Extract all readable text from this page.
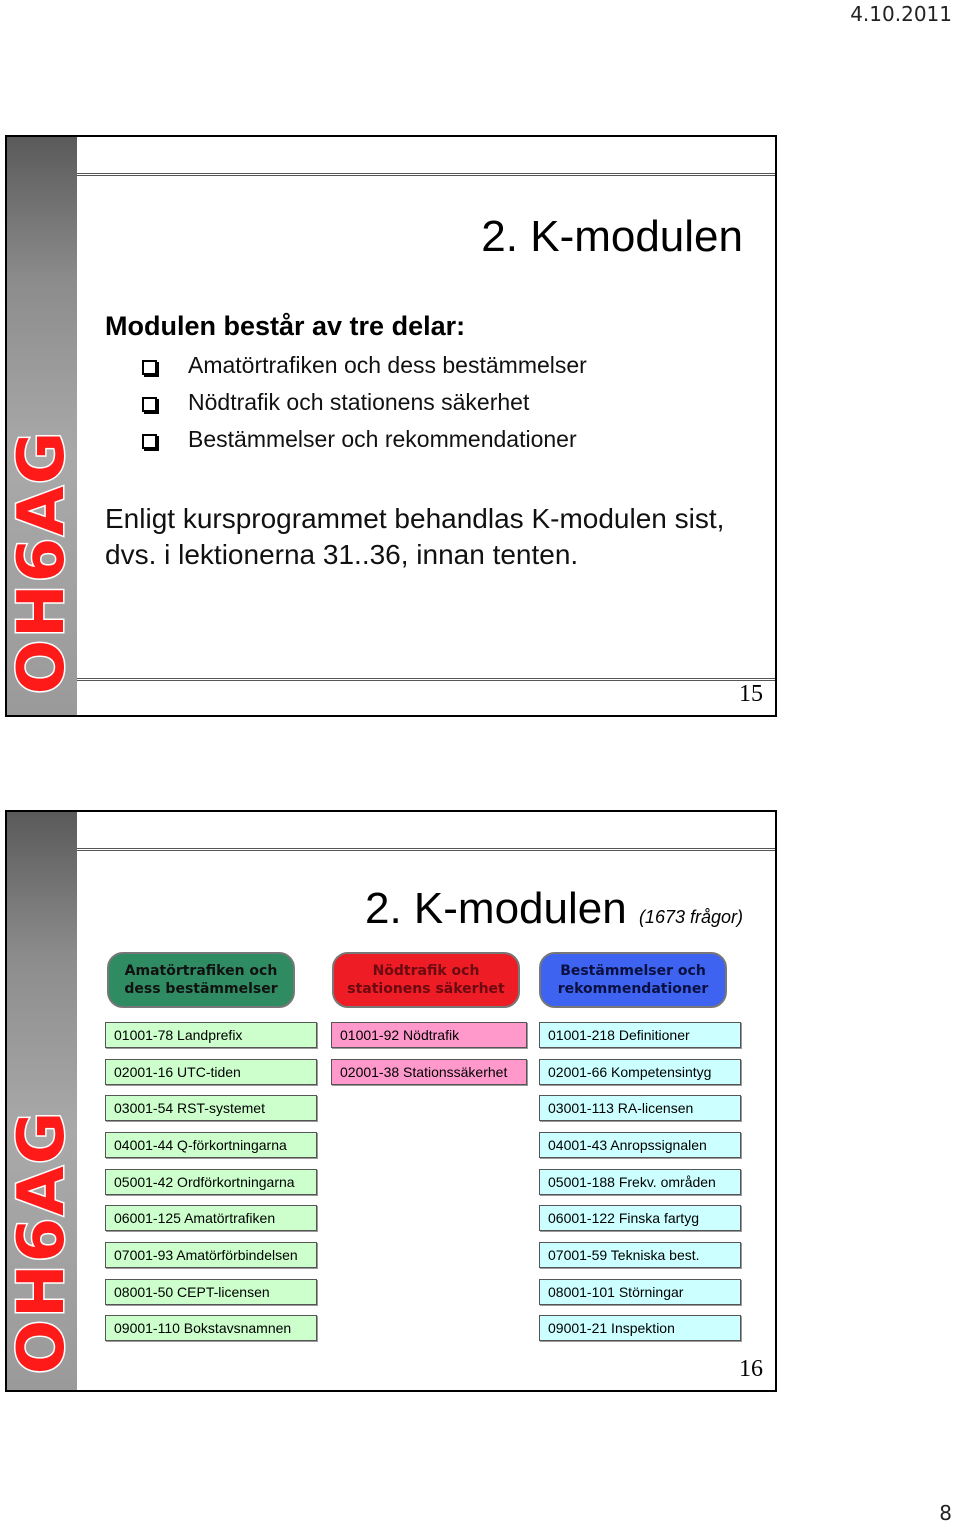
4.10.2011
OH6AG
2. K-modulen
Modulen består av tre delar:
Amatörtrafiken och dess bestämmelser
Nödtrafik och stationens säkerhet
Bestämmelser och rekommendationer
Enligt kursprogrammet behandlas K-modulen sist, dvs. i lektionerna 31..36, innan tenten.
15
OH6AG
2. K-modulen (1673 frågor)
Amatörtrafiken och dess bestämmelser
Nödtrafik och stationens säkerhet
Bestämmelser och rekommendationer
01001-78 Landprefix
02001-16 UTC-tiden
03001-54 RST-systemet
04001-44 Q-förkortningarna
05001-42 Ordförkortningarna
06001-125 Amatörtrafiken
07001-93 Amatörförbindelsen
08001-50 CEPT-licensen
09001-110 Bokstavsnamnen
01001-92 Nödtrafik
02001-38 Stationssäkerhet
01001-218 Definitioner
02001-66 Kompetensintyg
03001-113 RA-licensen
04001-43 Anropssignalen
05001-188 Frekv. områden
06001-122 Finska fartyg
07001-59 Tekniska best.
08001-101 Störningar
09001-21 Inspektion
16
8
